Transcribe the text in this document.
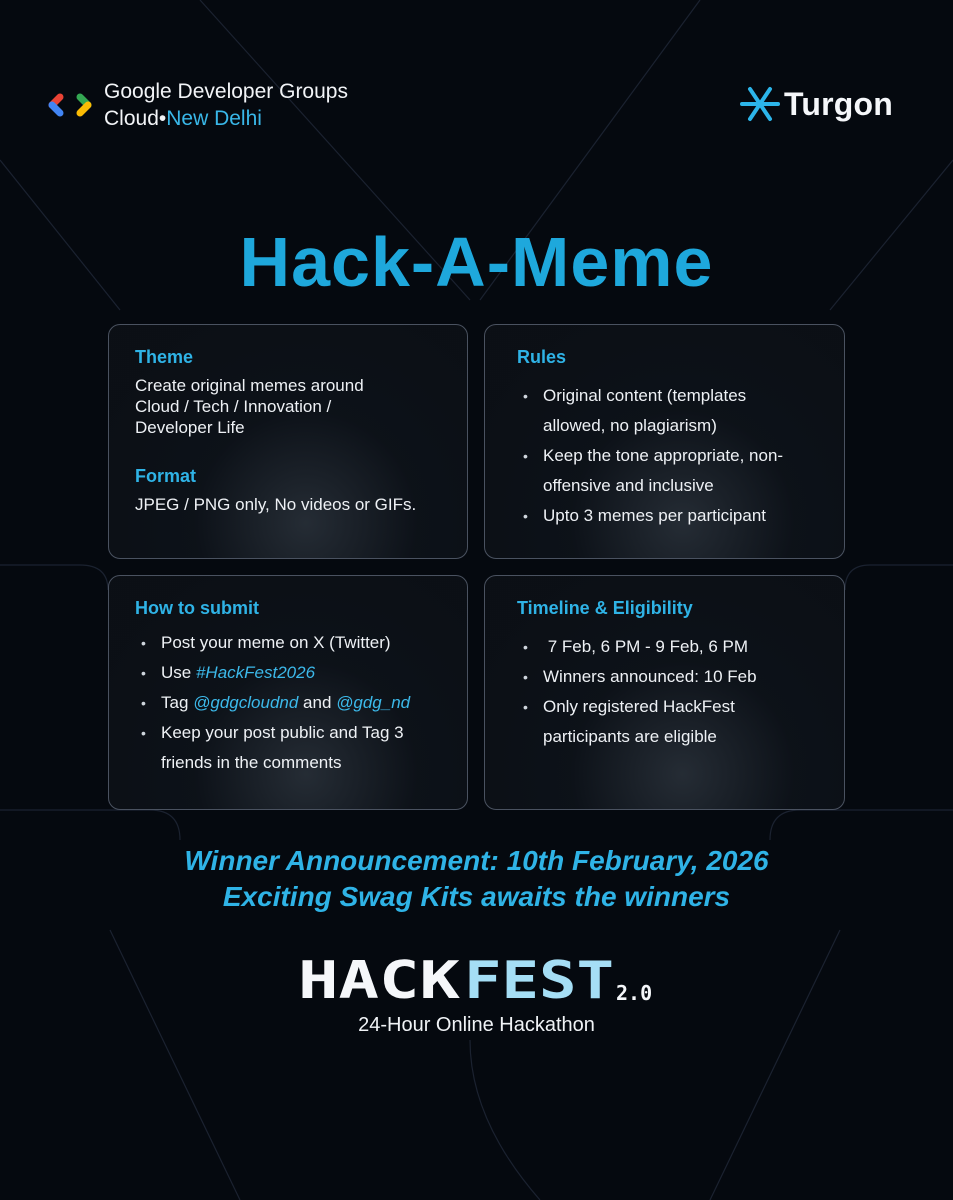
Google Developer Groups
Cloud•New Delhi	Turgon
Hack-A-Meme
Theme

Create original memes around Cloud / Tech / Innovation / Developer Life

Format

JPEG / PNG only, No videos or GIFs.

Rules
• Original content (templates allowed, no plagiarism)
• Keep the tone appropriate, non-offensive and inclusive
• Upto 3 memes per participant
How to submit
• Post your meme on X (Twitter)
• Use #HackFest2026
• Tag @gdgcloudnd and @gdg_nd
• Keep your post public and Tag 3 friends in the comments
Timeline & Eligibility
•  7 Feb, 6 PM - 9 Feb, 6 PM
• Winners announced: 10 Feb
• Only registered HackFest participants are eligible
Winner Announcement: 10th February, 2026
Exciting Swag Kits awaits the winners
HACK FEST 2.0
24-Hour Online Hackathon
